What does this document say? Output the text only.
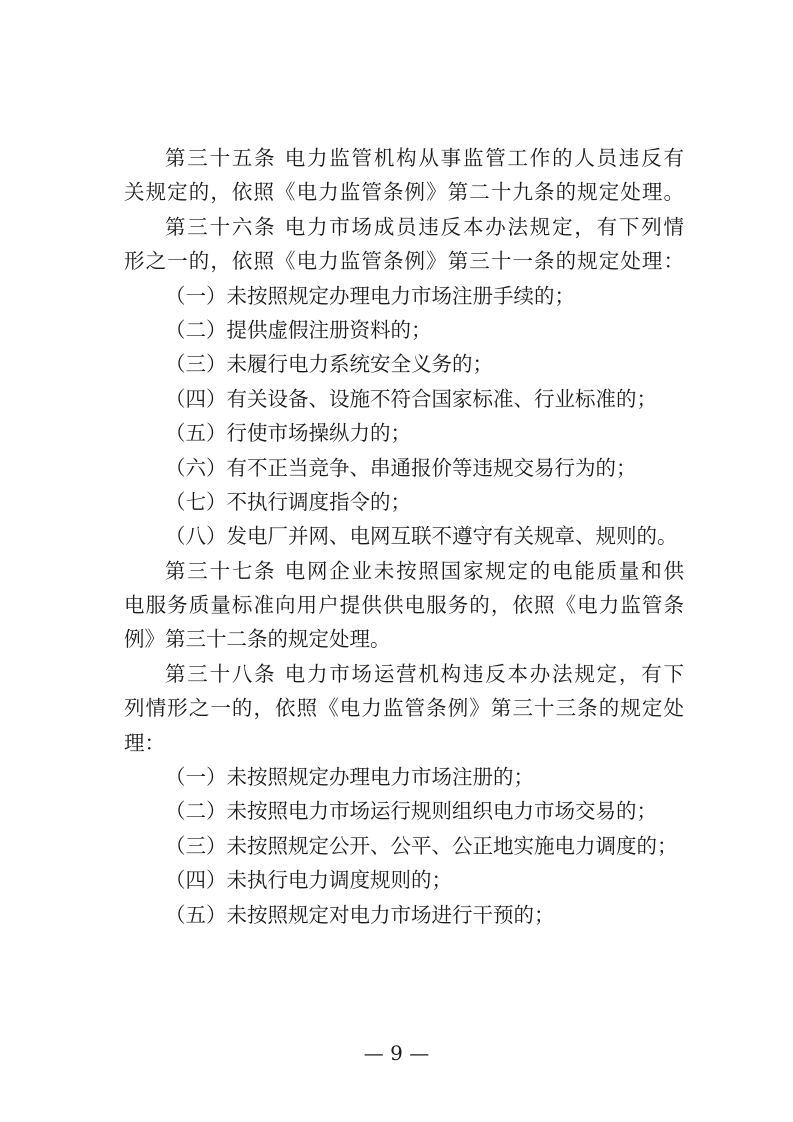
第三十五条 电力监管机构从事监管工作的人员违反有
关规定的，依照《电力监管条例》第二十九条的规定处理。
第三十六条 电力市场成员违反本办法规定，有下列情
形之一的，依照《电力监管条例》第三十一条的规定处理：
（一）未按照规定办理电力市场注册手续的；
（二）提供虚假注册资料的；
（三）未履行电力系统安全义务的；
（四）有关设备、设施不符合国家标准、行业标准的；
（五）行使市场操纵力的；
（六）有不正当竞争、串通报价等违规交易行为的；
（七）不执行调度指令的；
（八）发电厂并网、电网互联不遵守有关规章、规则的。
第三十七条 电网企业未按照国家规定的电能质量和供
电服务质量标准向用户提供供电服务的，依照《电力监管条
例》第三十二条的规定处理。
第三十八条 电力市场运营机构违反本办法规定，有下
列情形之一的，依照《电力监管条例》第三十三条的规定处
理：
（一）未按照规定办理电力市场注册的；
（二）未按照电力市场运行规则组织电力市场交易的；
（三）未按照规定公开、公平、公正地实施电力调度的；
（四）未执行电力调度规则的；
（五）未按照规定对电力市场进行干预的；
— 9 —
